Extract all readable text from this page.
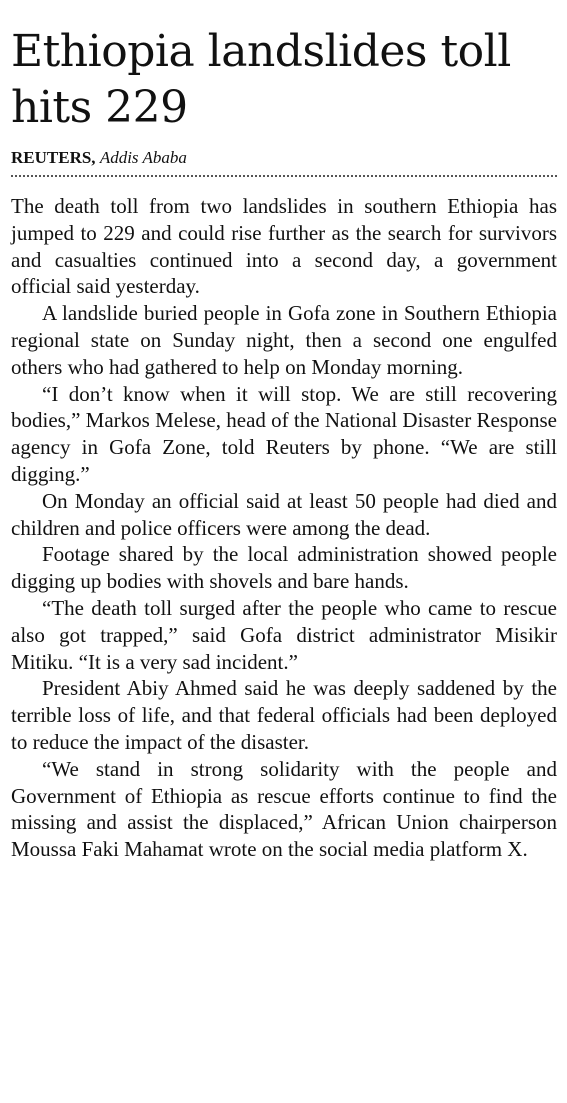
Ethiopia landslides toll hits 229
REUTERS, Addis Ababa

The death toll from two landslides in southern Ethiopia has jumped to 229 and could rise further as the search for survivors and casualties continued into a second day, a government official said yesterday.

A landslide buried people in Gofa zone in Southern Ethiopia regional state on Sunday night, then a second one engulfed others who had gathered to help on Monday morning.

“I don’t know when it will stop. We are still recovering bodies,” Markos Melese, head of the National Disaster Response agency in Gofa Zone, told Reuters by phone. “We are still digging.”

On Monday an official said at least 50 people had died and children and police officers were among the dead.

Footage shared by the local administration showed people digging up bodies with shovels and bare hands.

“The death toll surged after the people who came to rescue also got trapped,” said Gofa district administrator Misikir Mitiku. “It is a very sad incident.”

President Abiy Ahmed said he was deeply saddened by the terrible loss of life, and that federal officials had been deployed to reduce the impact of the disaster.

“We stand in strong solidarity with the people and Government of Ethiopia as rescue efforts continue to find the missing and assist the displaced,” African Union chairperson Moussa Faki Mahamat wrote on the social media platform X.
